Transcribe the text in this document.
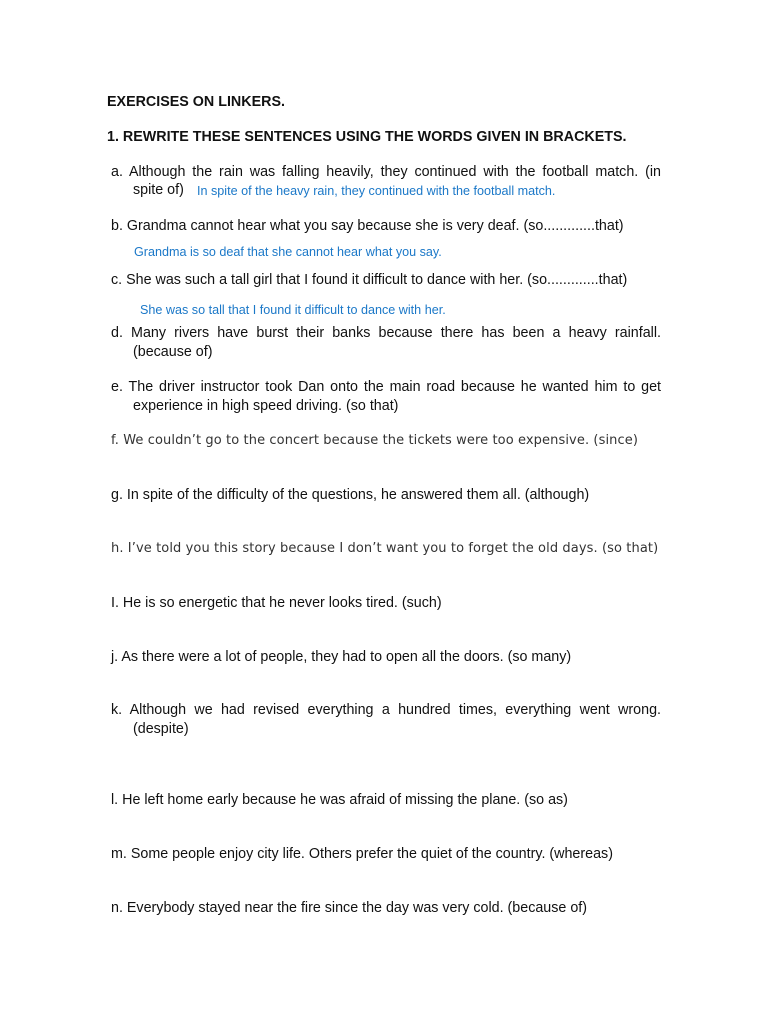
EXERCISES ON LINKERS.
1. REWRITE THESE SENTENCES USING THE WORDS GIVEN IN BRACKETS.
a. Although the rain was falling heavily, they continued with the football match. (in
spite of) In spite of the heavy rain, they continued with the football match.
b. Grandma cannot hear what you say because she is very deaf. (so.............that)
Grandma is so deaf that she cannot hear what you say.
c. She was such a tall girl that I found it difficult to dance with her. (so.............that)
She was so tall that I found it difficult to dance with her.
d. Many rivers have burst their banks because there has been a heavy rainfall.
(because of)
e. The driver instructor took Dan onto the main road because he wanted him to get
experience in high speed driving. (so that)
f. We couldn’t go to the concert because the tickets were too expensive. (since)
g. In spite of the difficulty of the questions, he answered them all. (although)
h. I’ve told you this story because I don’t want you to forget the old days. (so that)
I. He is so energetic that he never looks tired. (such)
j. As there were a lot of people, they had to open all the doors. (so many)
k. Although we had revised everything a hundred times, everything went wrong.
(despite)
l. He left home early because he was afraid of missing the plane. (so as)
m. Some people enjoy city life. Others prefer the quiet of the country. (whereas)
n. Everybody stayed near the fire since the day was very cold. (because of)
